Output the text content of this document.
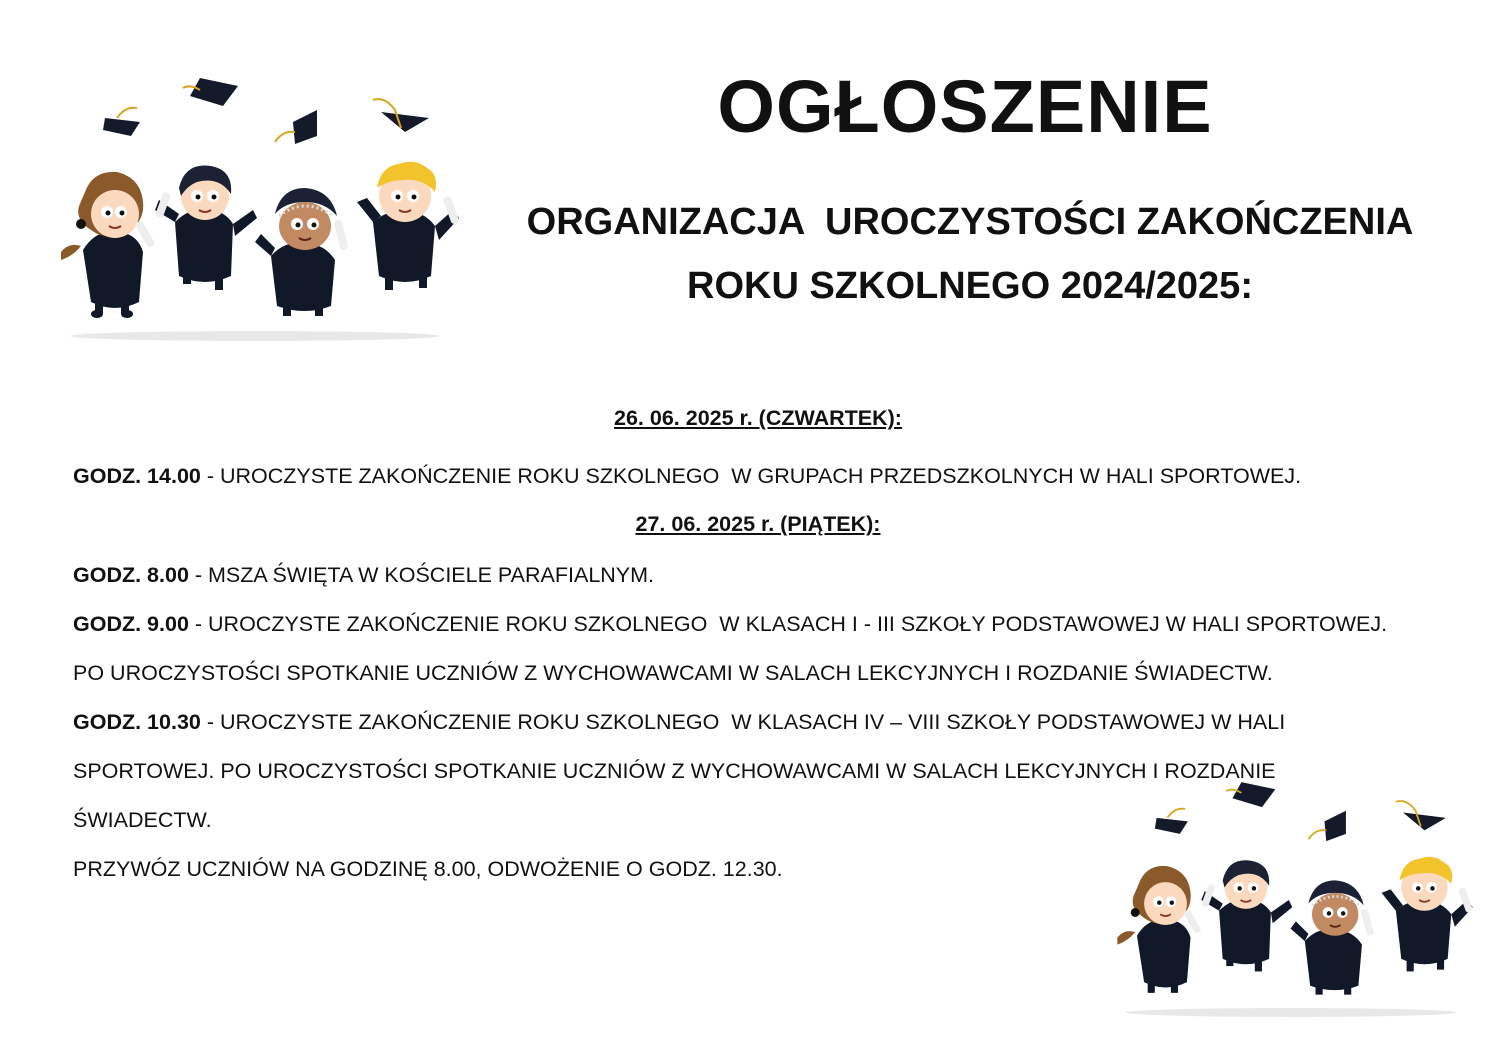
OGŁOSZENIE
ORGANIZACJA  UROCZYSTOŚCI ZAKOŃCZENIA
ROKU SZKOLNEGO 2024/2025:
26. 06. 2025 r. (CZWARTEK):
GODZ. 14.00 - UROCZYSTE ZAKOŃCZENIE ROKU SZKOLNEGO  W GRUPACH PRZEDSZKOLNYCH W HALI SPORTOWEJ.
27. 06. 2025 r. (PIĄTEK):
GODZ. 8.00 - MSZA ŚWIĘTA W KOŚCIELE PARAFIALNYM.
GODZ. 9.00 - UROCZYSTE ZAKOŃCZENIE ROKU SZKOLNEGO  W KLASACH I - III SZKOŁY PODSTAWOWEJ W HALI SPORTOWEJ.
PO UROCZYSTOŚCI SPOTKANIE UCZNIÓW Z WYCHOWAWCAMI W SALACH LEKCYJNYCH I ROZDANIE ŚWIADECTW.
GODZ. 10.30 - UROCZYSTE ZAKOŃCZENIE ROKU SZKOLNEGO  W KLASACH IV – VIII SZKOŁY PODSTAWOWEJ W HALI
SPORTOWEJ. PO UROCZYSTOŚCI SPOTKANIE UCZNIÓW Z WYCHOWAWCAMI W SALACH LEKCYJNYCH I ROZDANIE
ŚWIADECTW.
PRZYWÓZ UCZNIÓW NA GODZINĘ 8.00, ODWOŻENIE O GODZ. 12.30.
